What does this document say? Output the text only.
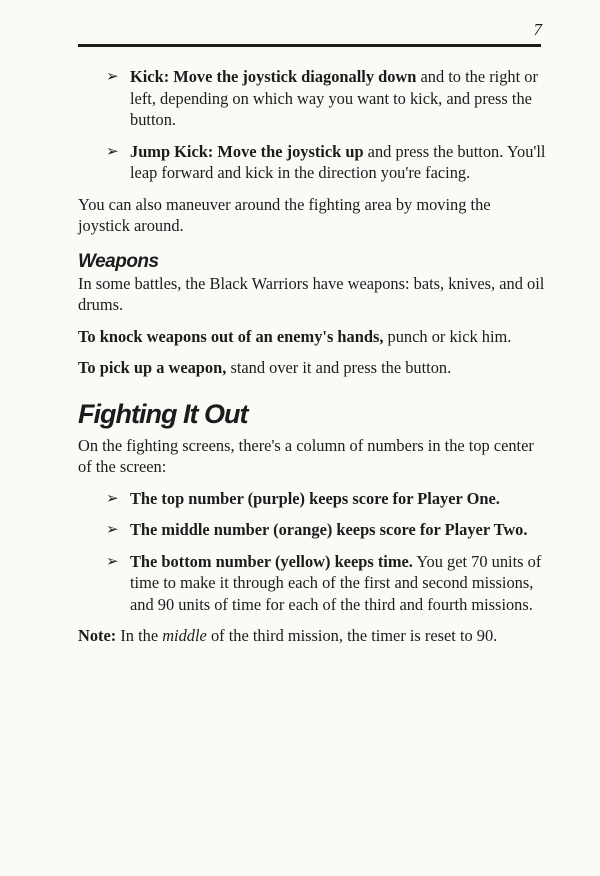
7
➢ Kick: Move the joystick diagonally down and to the right or left, depending on which way you want to kick, and press the button.
➢ Jump Kick: Move the joystick up and press the button. You'll leap forward and kick in the direction you're facing.

You can also maneuver around the fighting area by moving the joystick around.

Weapons

In some battles, the Black Warriors have weapons: bats, knives, and oil drums.

To knock weapons out of an enemy's hands, punch or kick him.

To pick up a weapon, stand over it and press the button.

Fighting It Out

On the fighting screens, there's a column of numbers in the top center of the screen:

➢ The top number (purple) keeps score for Player One.
➢ The middle number (orange) keeps score for Player Two.
➢ The bottom number (yellow) keeps time. You get 70 units of time to make it through each of the first and second missions, and 90 units of time for each of the third and fourth missions.

Note: In the middle of the third mission, the timer is reset to 90.
